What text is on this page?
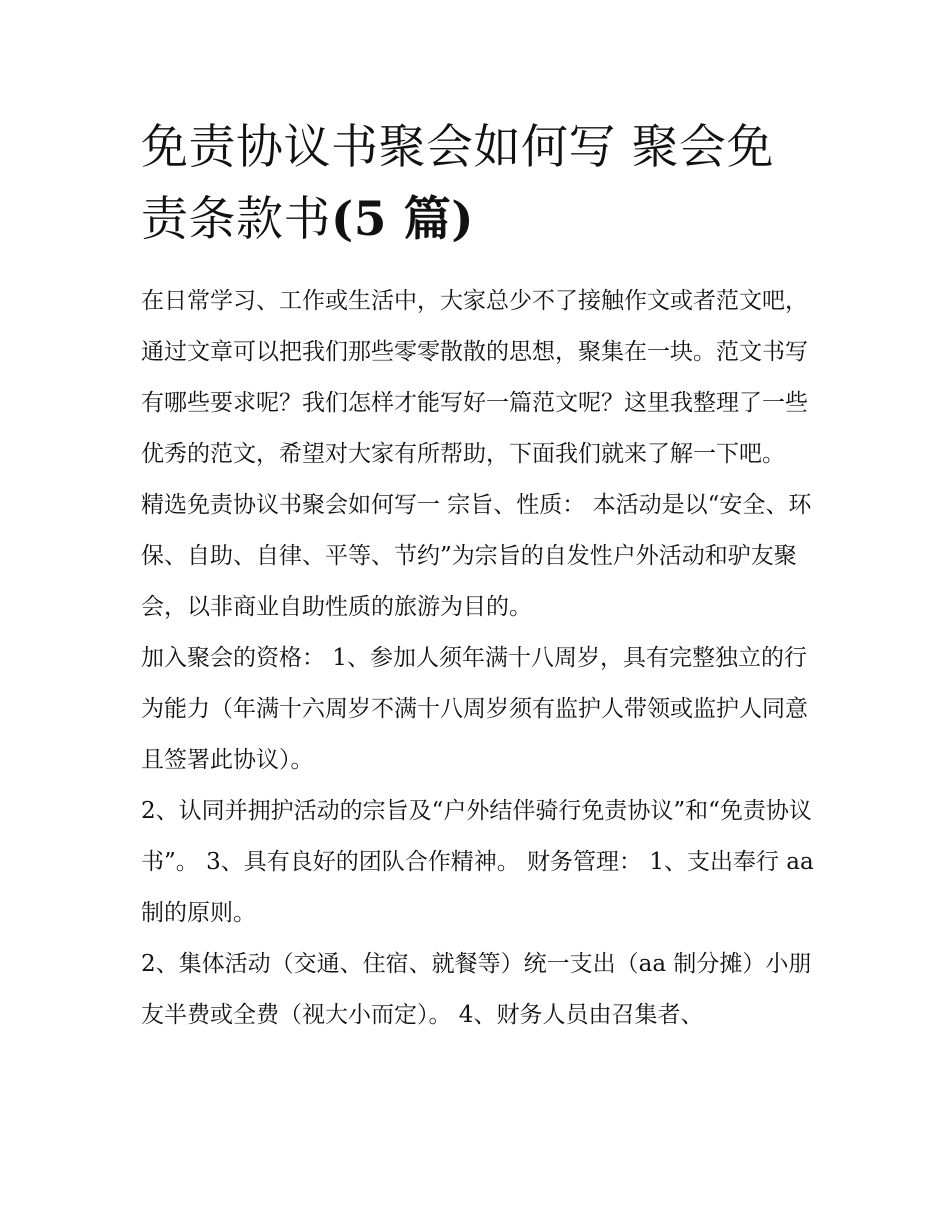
免责协议书聚会如何写 聚会免责条款书(5 篇)

在日常学习、工作或生活中，大家总少不了接触作文或者范文吧，通过文章可以把我们那些零零散散的思想，聚集在一块。范文书写有哪些要求呢？我们怎样才能写好一篇范文呢？这里我整理了一些优秀的范文，希望对大家有所帮助，下面我们就来了解一下吧。

精选免责协议书聚会如何写一 宗旨、性质： 本活动是以“安全、环保、自助、自律、平等、节约”为宗旨的自发性户外活动和驴友聚会，以非商业自助性质的旅游为目的。

加入聚会的资格： 1、参加人须年满十八周岁，具有完整独立的行为能力（年满十六周岁不满十八周岁须有监护人带领或监护人同意且签署此协议）。

2、认同并拥护活动的宗旨及“户外结伴骑行免责协议”和“免责协议书”。 3、具有良好的团队合作精神。 财务管理： 1、支出奉行 aa 制的原则。

2、集体活动（交通、住宿、就餐等）统一支出（aa 制分摊）小朋友半费或全费（视大小而定）。 4、财务人员由召集者、
